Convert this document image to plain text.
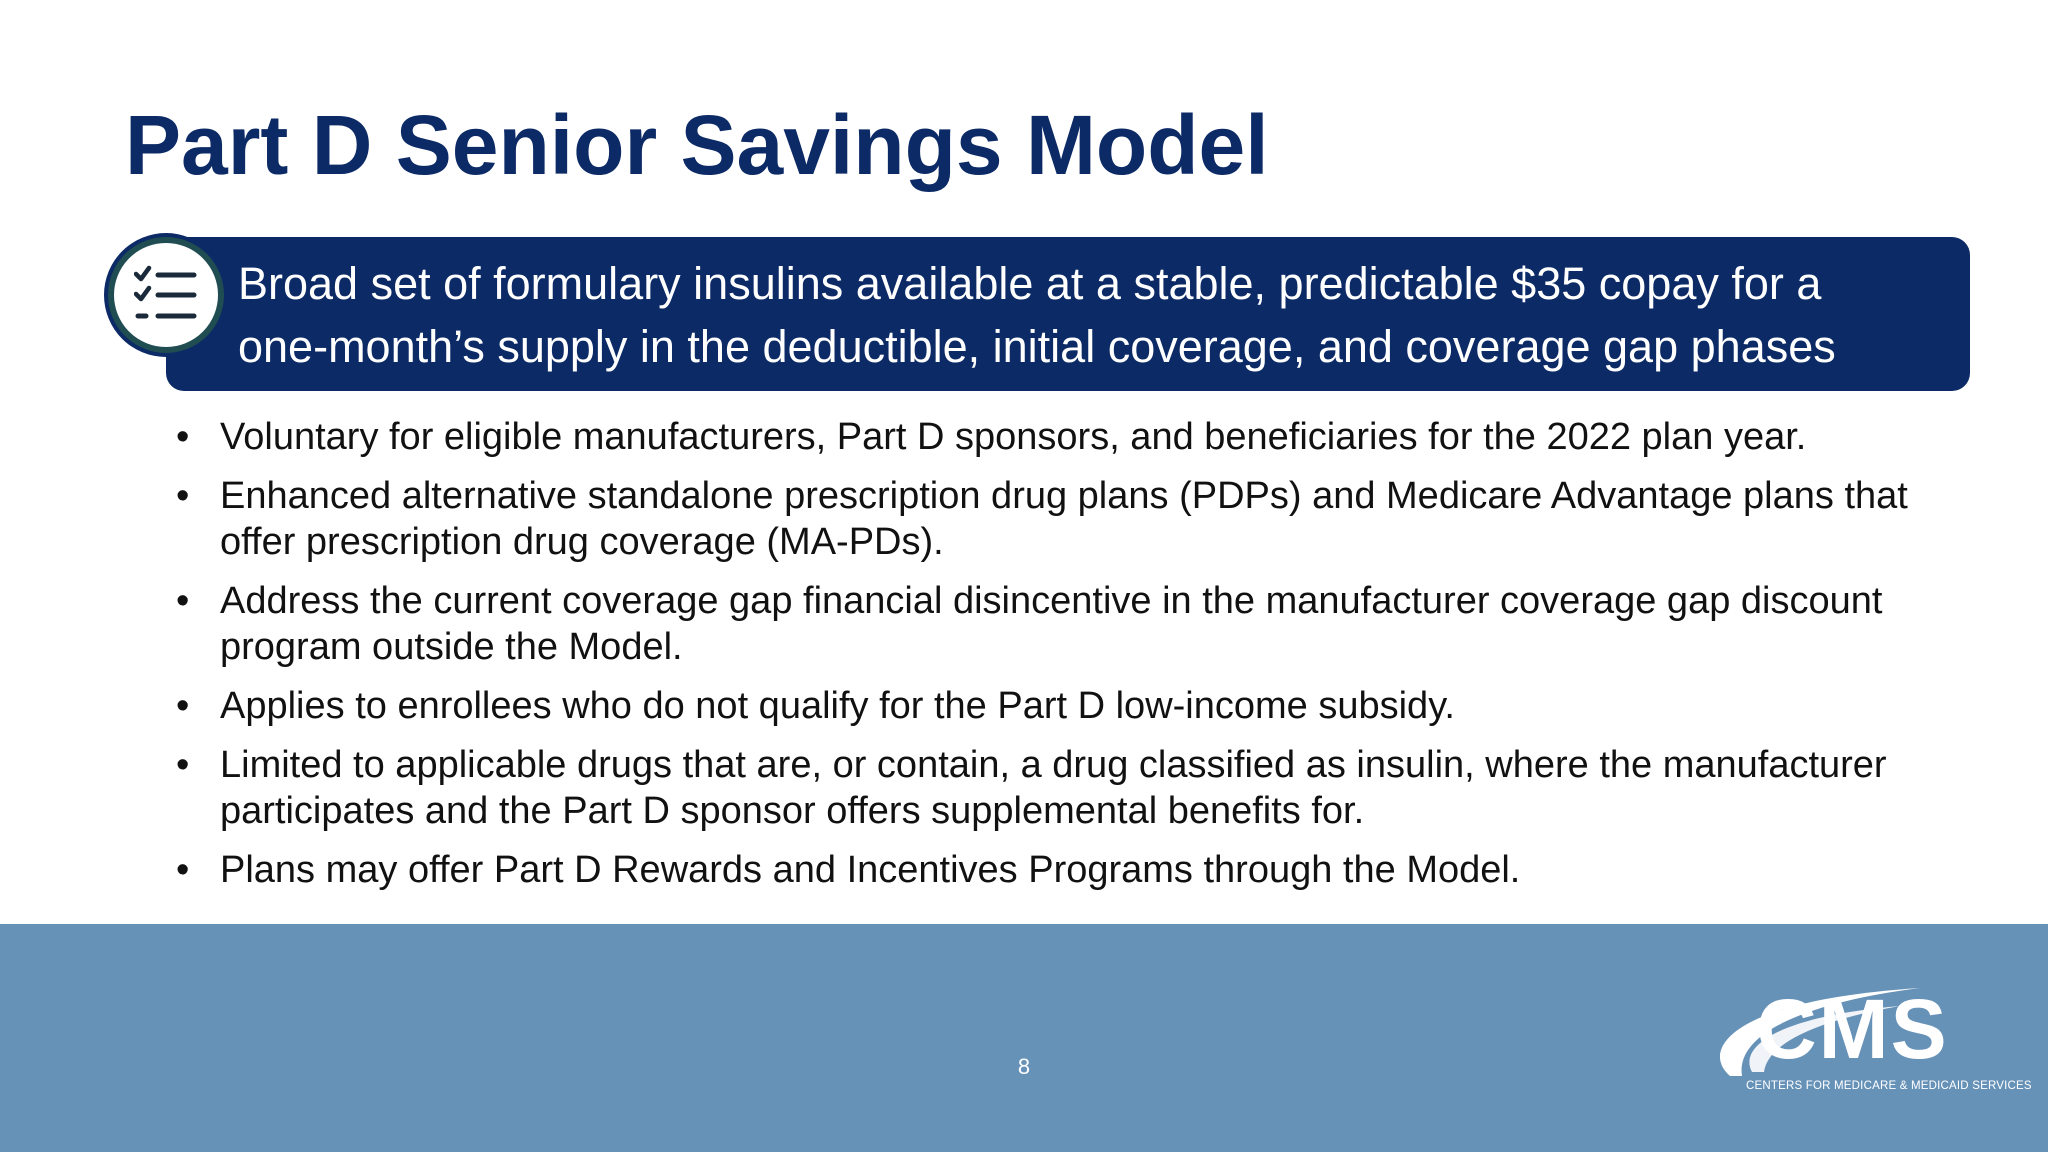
Part D Senior Savings Model
Broad set of formulary insulins available at a stable, predictable $35 copay for a
one-month’s supply in the deductible, initial coverage, and coverage gap phases
• Voluntary for eligible manufacturers, Part D sponsors, and beneficiaries for the 2022 plan year.
• Enhanced alternative standalone prescription drug plans (PDPs) and Medicare Advantage plans that offer prescription drug coverage (MA-PDs).
• Address the current coverage gap financial disincentive in the manufacturer coverage gap discount program outside the Model.
• Applies to enrollees who do not qualify for the Part D low-income subsidy.
• Limited to applicable drugs that are, or contain, a drug classified as insulin, where the manufacturer participates and the Part D sponsor offers supplemental benefits for.
• Plans may offer Part D Rewards and Incentives Programs through the Model.
8	CMS
CENTERS FOR MEDICARE & MEDICAID SERVICES
